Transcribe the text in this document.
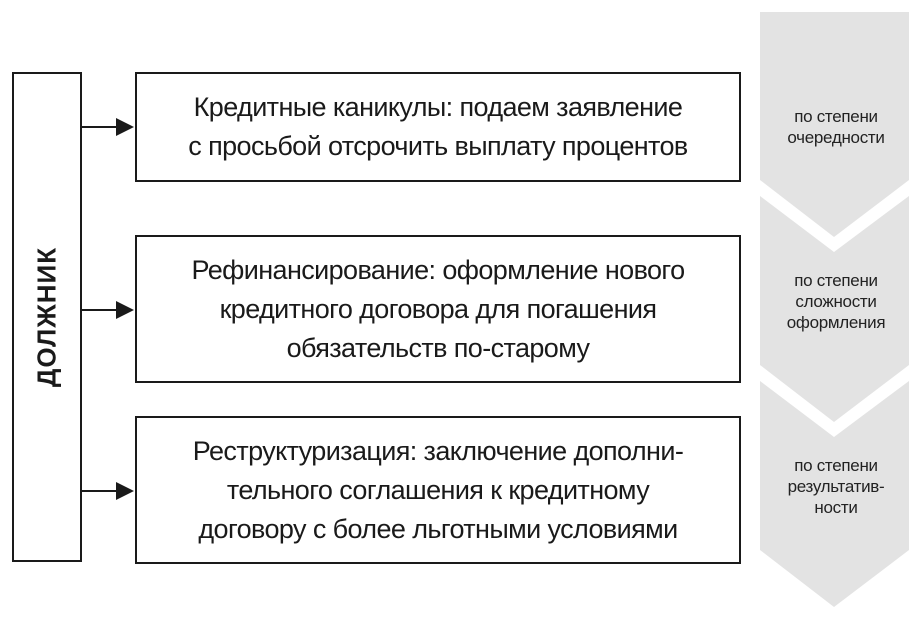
ДОЛЖНИК
Кредитные каникулы: подаем заявление
с просьбой отсрочить выплату процентов
Рефинансирование: оформление нового
кредитного договора для погашения
обязательств по-старому
Реструктуризация: заключение дополни-
тельного соглашения к кредитному
договору с более льготными условиями
по степени
очередности
по степени
сложности
оформления
по степени
результатив-
ности
